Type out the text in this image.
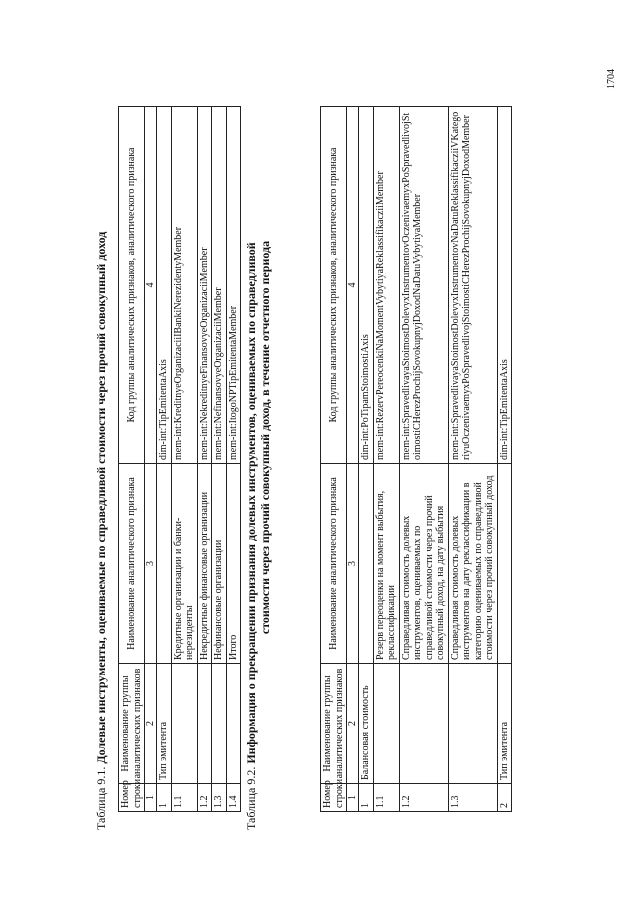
Таблица 9.1. Долевые инструменты, оцениваемые по справедливой стоимости через прочий совокупный доход
Номер строки	Наименование группы аналитических признаков	Наименование аналитического признака	Код группы аналитических признаков, аналитического признака
1	2	3	4
1	Тип эмитента		dim-int:TipEmitentaAxis
1.1		Кредитные организации и банки-нерезиденты	mem-int:KreditnyeOrganizaciiIBankiNerezidentyMember
1.2		Некредитные финансовые организации	mem-int:NekreditnyeFinansovyeOrganizaciiMember
1.3		Нефинансовые организации	mem-int:NefinansovyeOrganizaciiMember
1.4		Итого	mem-int:ItogoNPTipEmitentaMember
Таблица 9.2. Информация о прекращении признания долевых инструментов, оцениваемых по справедливой стоимости через прочий совокупный доход, в течение отчетного периода
Номер строки	Наименование группы аналитических признаков	Наименование аналитического признака	Код группы аналитических признаков, аналитического признака
1	2	3	4
1	Балансовая стоимость		dim-int:PoTipamStoimostiAxis
1.1		Резерв переоценки на момент выбытия, реклассификации	mem-int:RezervPereocenkiNaMomentVybytiyaReklassifikacziiMember
1.2		Справедливая стоимость долевых инструментов, оцениваемых по справедливой стоимости через прочий совокупный доход, на дату выбытия	mem-int:SpravedlivayaStoimostDolevyxInstrumentovOczenivaemyxPoSpravedlivojStoimostiCHerezProchijSovokupnyjDoxodNaDatuVybytiyaMember
1.3		Справедливая стоимость долевых инструментов на дату реклассификации в категорию оцениваемых по справедливой стоимости через прочий совокупный доход	mem-int:SpravedlivayaStoimostDolevyxInstrumentovNaDatuReklassifikacziiVKategoriyuOczenivaemyxPoSpravedlivojStoimostiCHerezProchijSovokupnyjDoxodMember
2	Тип эмитента		dim-int:TipEmitentaAxis
1704
